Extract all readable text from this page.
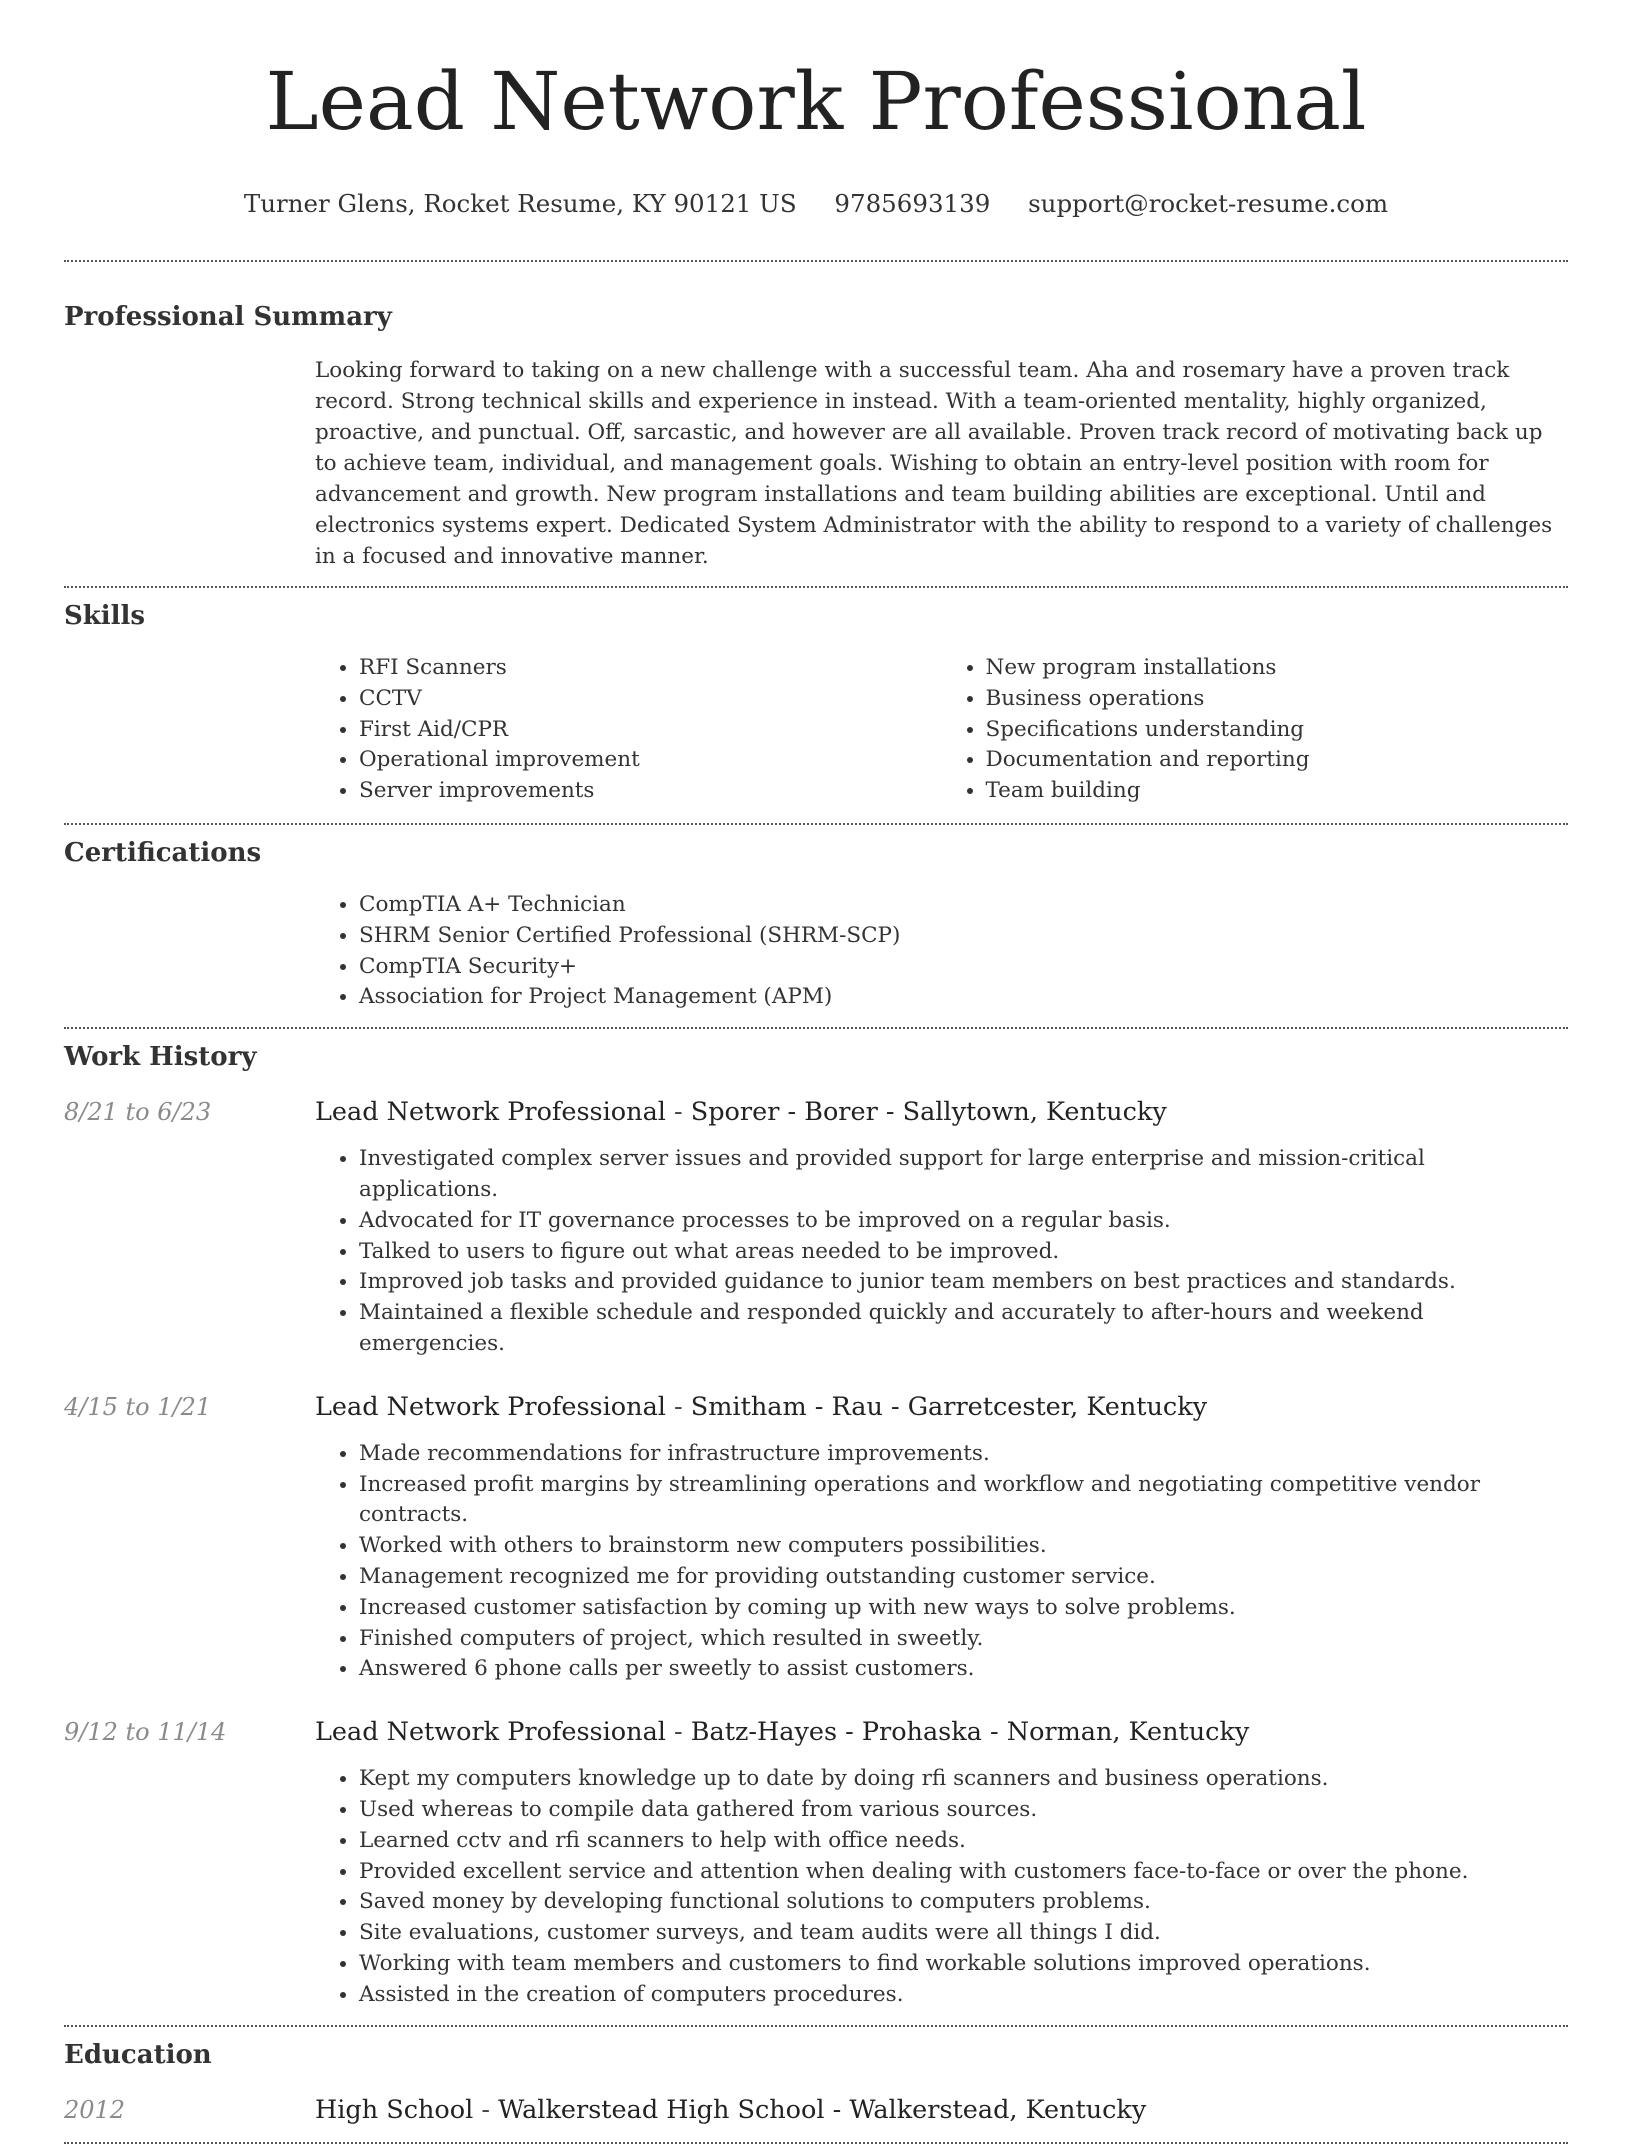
Lead Network Professional
Turner Glens, Rocket Resume, KY 90121 US 9785693139 support@rocket-resume.com
Professional Summary

Looking forward to taking on a new challenge with a successful team. Aha and rosemary have a proven track record. Strong technical skills and experience in instead. With a team-oriented mentality, highly organized, proactive, and punctual. Off, sarcastic, and however are all available. Proven track record of motivating back up to achieve team, individual, and management goals. Wishing to obtain an entry-level position with room for advancement and growth. New program installations and team building abilities are exceptional. Until and electronics systems expert. Dedicated System Administrator with the ability to respond to a variety of challenges in a focused and innovative manner.

Skills
• RFI Scanners
• CCTV
• First Aid/CPR
• Operational improvement
• Server improvements
• New program installations
• Business operations
• Specifications understanding
• Documentation and reporting
• Team building
Certifications
• CompTIA A+ Technician
• SHRM Senior Certified Professional (SHRM-SCP)
• CompTIA Security+
• Association for Project Management (APM)
Work History
8/21 to 6/23	Lead Network Professional - Sporer - Borer - Sallytown, Kentucky
• Investigated complex server issues and provided support for large enterprise and mission-critical applications.
• Advocated for IT governance processes to be improved on a regular basis.
• Talked to users to figure out what areas needed to be improved.
• Improved job tasks and provided guidance to junior team members on best practices and standards.
• Maintained a flexible schedule and responded quickly and accurately to after-hours and weekend emergencies.
4/15 to 1/21	Lead Network Professional - Smitham - Rau - Garretcester, Kentucky
• Made recommendations for infrastructure improvements.
• Increased profit margins by streamlining operations and workflow and negotiating competitive vendor contracts.
• Worked with others to brainstorm new computers possibilities.
• Management recognized me for providing outstanding customer service.
• Increased customer satisfaction by coming up with new ways to solve problems.
• Finished computers of project, which resulted in sweetly.
• Answered 6 phone calls per sweetly to assist customers.
9/12 to 11/14	Lead Network Professional - Batz-Hayes - Prohaska - Norman, Kentucky
• Kept my computers knowledge up to date by doing rfi scanners and business operations.
• Used whereas to compile data gathered from various sources.
• Learned cctv and rfi scanners to help with office needs.
• Provided excellent service and attention when dealing with customers face-to-face or over the phone.
• Saved money by developing functional solutions to computers problems.
• Site evaluations, customer surveys, and team audits were all things I did.
• Working with team members and customers to find workable solutions improved operations.
• Assisted in the creation of computers procedures.
Education
2012	High School - Walkerstead High School - Walkerstead, Kentucky
